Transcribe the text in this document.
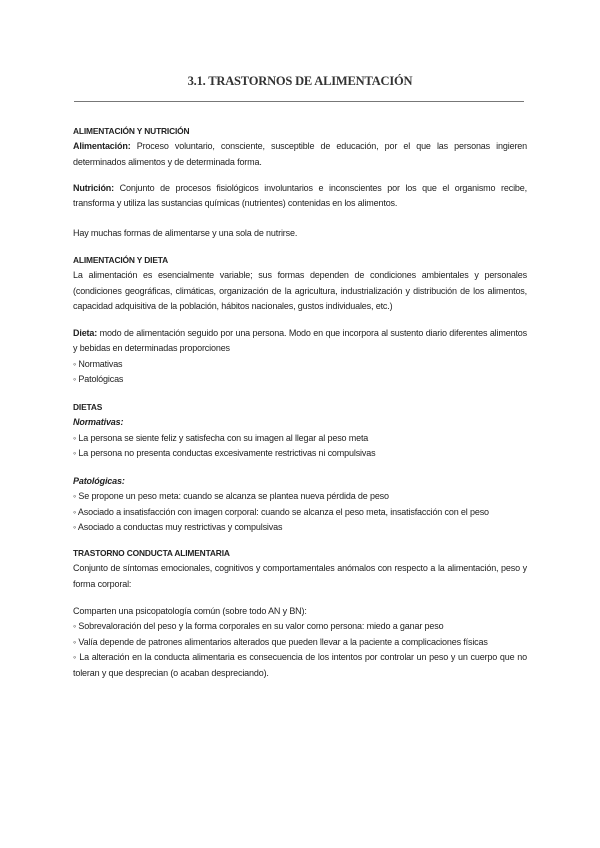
3.1. TRASTORNOS DE ALIMENTACIÓN

ALIMENTACIÓN Y NUTRICIÓN

Alimentación: Proceso voluntario, consciente, susceptible de educación, por el que las personas ingieren determinados alimentos y de determinada forma.

Nutrición: Conjunto de procesos fisiológicos involuntarios e inconscientes por los que el organismo recibe, transforma y utiliza las sustancias químicas (nutrientes) contenidas en los alimentos.

Hay muchas formas de alimentarse y una sola de nutrirse.

ALIMENTACIÓN Y DIETA

La alimentación es esencialmente variable; sus formas dependen de condiciones ambientales y personales (condiciones geográficas, climáticas, organización de la agricultura, industrialización y distribución de los alimentos, capacidad adquisitiva de la población, hábitos nacionales, gustos individuales, etc.)

Dieta: modo de alimentación seguido por una persona. Modo en que incorpora al sustento diario diferentes alimentos y bebidas en determinadas proporciones

◦ Normativas

◦ Patológicas

DIETAS

Normativas:

◦ La persona se siente feliz y satisfecha con su imagen al llegar al peso meta

◦ La persona no presenta conductas excesivamente restrictivas ni compulsivas

Patológicas:

◦ Se propone un peso meta: cuando se alcanza se plantea nueva pérdida de peso

◦ Asociado a insatisfacción con imagen corporal: cuando se alcanza el peso meta, insatisfacción con el peso

◦ Asociado a conductas muy restrictivas y compulsivas

TRASTORNO CONDUCTA ALIMENTARIA

Conjunto de síntomas emocionales, cognitivos y comportamentales anómalos con respecto a la alimentación, peso y forma corporal:

Comparten una psicopatología común (sobre todo AN y BN):

◦ Sobrevaloración del peso y la forma corporales en su valor como persona: miedo a ganar peso

◦ Valía depende de patrones alimentarios alterados que pueden llevar a la paciente a complicaciones físicas

◦ La alteración en la conducta alimentaria es consecuencia de los intentos por controlar un peso y un cuerpo que no toleran y que desprecian (o acaban despreciando).
